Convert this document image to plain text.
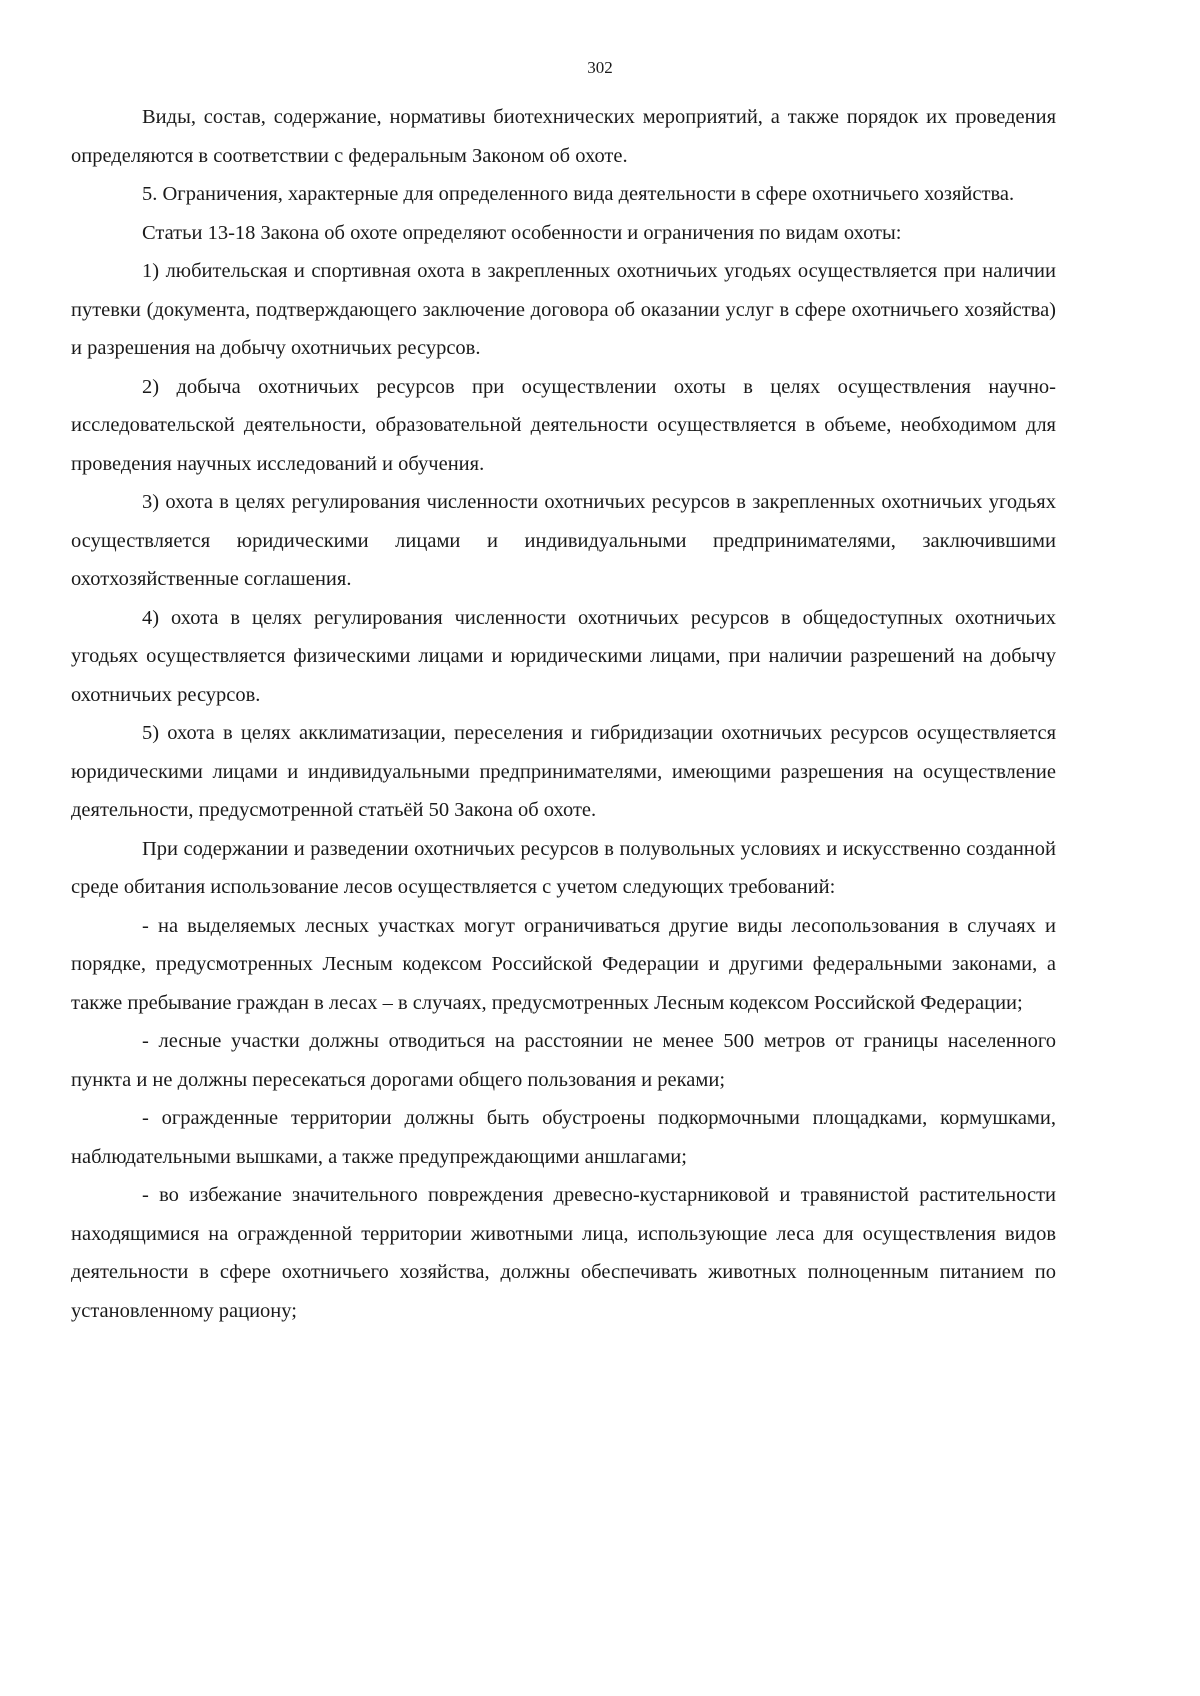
302

Виды, состав, содержание, нормативы биотехнических мероприятий, а также порядок их проведения определяются в соответствии с федеральным Законом об охоте.

5. Ограничения, характерные для определенного вида деятельности в сфере охотничьего хозяйства.

Статьи 13-18 Закона об охоте определяют особенности и ограничения по видам охоты:

1) любительская и спортивная охота в закрепленных охотничьих угодьях осуществляется при наличии путевки (документа, подтверждающего заключение договора об оказании услуг в сфере охотничьего хозяйства) и разрешения на добычу охотничьих ресурсов.

2) добыча охотничьих ресурсов при осуществлении охоты в целях осуществления научно-исследовательской деятельности, образовательной деятельности осуществляется в объеме, необходимом для проведения научных исследований и обучения.

3) охота в целях регулирования численности охотничьих ресурсов в закрепленных охотничьих угодьях осуществляется юридическими лицами и индивидуальными предпринимателями, заключившими охотхозяйственные соглашения.

4) охота в целях регулирования численности охотничьих ресурсов в общедоступных охотничьих угодьях осуществляется физическими лицами и юридическими лицами, при наличии разрешений на добычу охотничьих ресурсов.

5) охота в целях акклиматизации, переселения и гибридизации охотничьих ресурсов осуществляется юридическими лицами и индивидуальными предпринимателями, имеющими разрешения на осуществление деятельности, предусмотренной статьёй 50 Закона об охоте.

При содержании и разведении охотничьих ресурсов в полувольных условиях и искусственно созданной среде обитания использование лесов осуществляется с учетом следующих требований:

- на выделяемых лесных участках могут ограничиваться другие виды лесопользования в случаях и порядке, предусмотренных Лесным кодексом Российской Федерации и другими федеральными законами, а также пребывание граждан в лесах – в случаях, предусмотренных Лесным кодексом Российской Федерации;

- лесные участки должны отводиться на расстоянии не менее 500 метров от границы населенного пункта и не должны пересекаться дорогами общего пользования и реками;

- огражденные территории должны быть обустроены подкормочными площадками, кормушками, наблюдательными вышками, а также предупреждающими аншлагами;

- во избежание значительного повреждения древесно-кустарниковой и травянистой растительности находящимися на огражденной территории животными лица, использующие леса для осуществления видов деятельности в сфере охотничьего хозяйства, должны обеспечивать животных полноценным питанием по установленному рациону;
